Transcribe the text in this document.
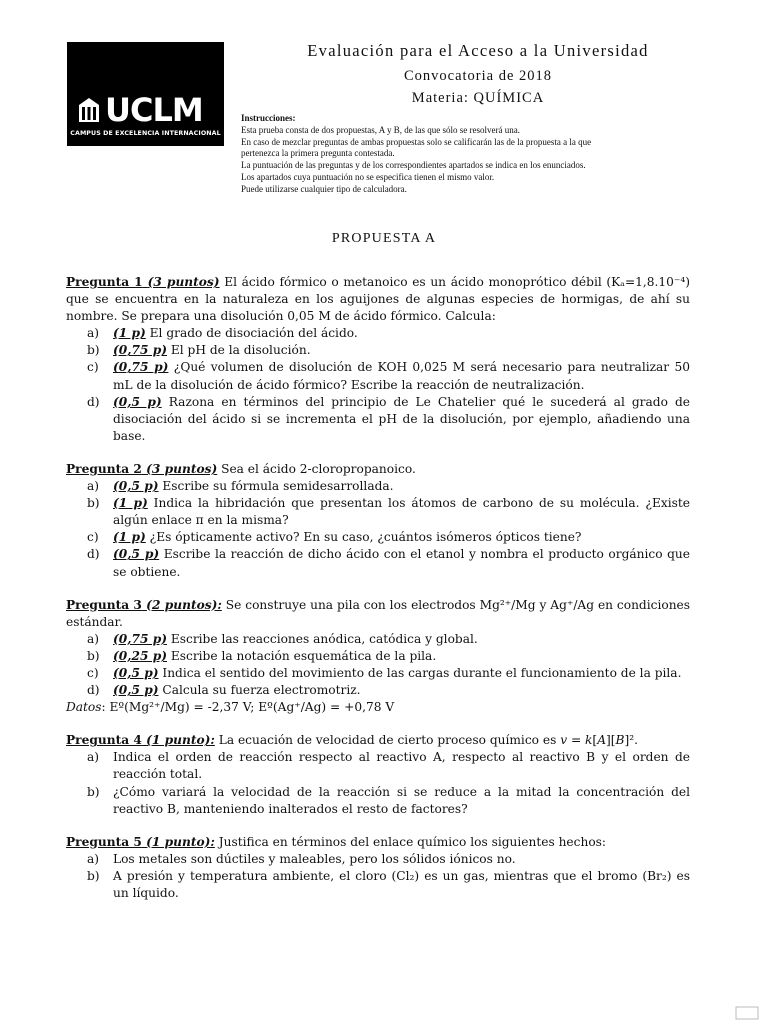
UCLM
CAMPUS DE EXCELENCIA INTERNACIONAL
Evaluación para el Acceso a la Universidad
Convocatoria de 2018
Materia: QUÍMICA

Instrucciones:

Esta prueba consta de dos propuestas, A y B, de las que sólo se resolverá una.

En caso de mezclar preguntas de ambas propuestas solo se calificarán las de la propuesta a la que

pertenezca la primera pregunta contestada.

La puntuación de las preguntas y de los correspondientes apartados se indica en los enunciados.

Los apartados cuya puntuación no se especifica tienen el mismo valor.

Puede utilizarse cualquier tipo de calculadora.

PROPUESTA A
Pregunta 1 (3 puntos) El ácido fórmico o metanoico es un ácido monoprótico débil (Kₐ=1,8.10⁻⁴) que se encuentra en la naturaleza en los aguijones de algunas especies de hormigas, de ahí su nombre. Se prepara una disolución 0,05 M de ácido fórmico. Calcula:
a) (1 p) El grado de disociación del ácido.
b) (0,75 p) El pH de la disolución.
c) (0,75 p) ¿Qué volumen de disolución de KOH 0,025 M será necesario para neutralizar 50 mL de la disolución de ácido fórmico? Escribe la reacción de neutralización.
d) (0,5 p) Razona en términos del principio de Le Chatelier qué le sucederá al grado de disociación del ácido si se incrementa el pH de la disolución, por ejemplo, añadiendo una base.
Pregunta 2 (3 puntos) Sea el ácido 2-cloropropanoico.
a) (0,5 p) Escribe su fórmula semidesarrollada.
b) (1 p) Indica la hibridación que presentan los átomos de carbono de su molécula. ¿Existe algún enlace π en la misma?
c) (1 p) ¿Es ópticamente activo? En su caso, ¿cuántos isómeros ópticos tiene?
d) (0,5 p) Escribe la reacción de dicho ácido con el etanol y nombra el producto orgánico que se obtiene.
Pregunta 3 (2 puntos): Se construye una pila con los electrodos Mg²⁺/Mg y Ag⁺/Ag en condiciones estándar.
a) (0,75 p) Escribe las reacciones anódica, catódica y global.
b) (0,25 p) Escribe la notación esquemática de la pila.
c) (0,5 p) Indica el sentido del movimiento de las cargas durante el funcionamiento de la pila.
d) (0,5 p) Calcula su fuerza electromotriz.

Datos: Eº(Mg²⁺/Mg) = -2,37 V; Eº(Ag⁺/Ag) = +0,78 V

Pregunta 4 (1 punto): La ecuación de velocidad de cierto proceso químico es 𝑣 = 𝑘[𝐴][𝐵]².
a) Indica el orden de reacción respecto al reactivo A, respecto al reactivo B y el orden de reacción total.
b) ¿Cómo variará la velocidad de la reacción si se reduce a la mitad la concentración del reactivo B, manteniendo inalterados el resto de factores?
Pregunta 5 (1 punto): Justifica en términos del enlace químico los siguientes hechos:
a) Los metales son dúctiles y maleables, pero los sólidos iónicos no.
b) A presión y temperatura ambiente, el cloro (Cl₂) es un gas, mientras que el bromo (Br₂) es un líquido.
